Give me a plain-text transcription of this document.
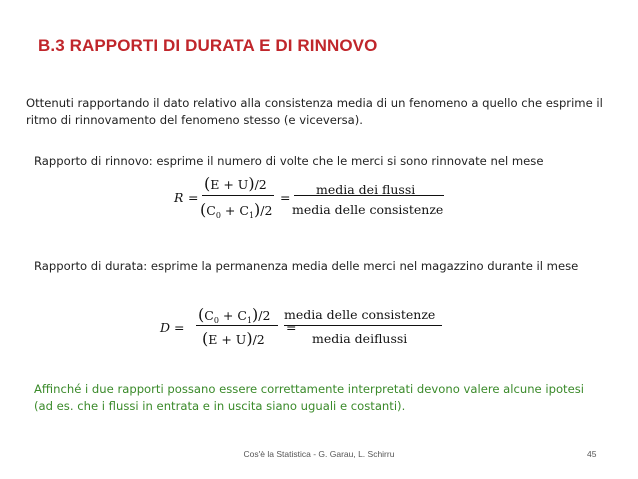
B.3 RAPPORTI DI DURATA E DI RINNOVO
Ottenuti rapportando il dato relativo alla consistenza media di un fenomeno a quello che esprime il ritmo di rinnovamento del fenomeno stesso (e viceversa).
Rapporto di rinnovo: esprime il numero di volte che le merci si sono rinnovate nel mese
R =
(E + U)/2
$(C_0 + C_1)/2$
=
media dei flussi
media delle consistenze
Rapporto di durata: esprime la permanenza media delle merci nel magazzino durante il mese
D =
$(C_0 + C_1)/2$
(E + U)/2
=
media delle consistenze
media deiflussi
Affinché i due rapporti possano essere correttamente interpretati devono valere alcune ipotesi (ad es. che i flussi in entrata e in uscita siano uguali e costanti).
Cos'è la Statistica - G. Garau, L. Schirru	45
